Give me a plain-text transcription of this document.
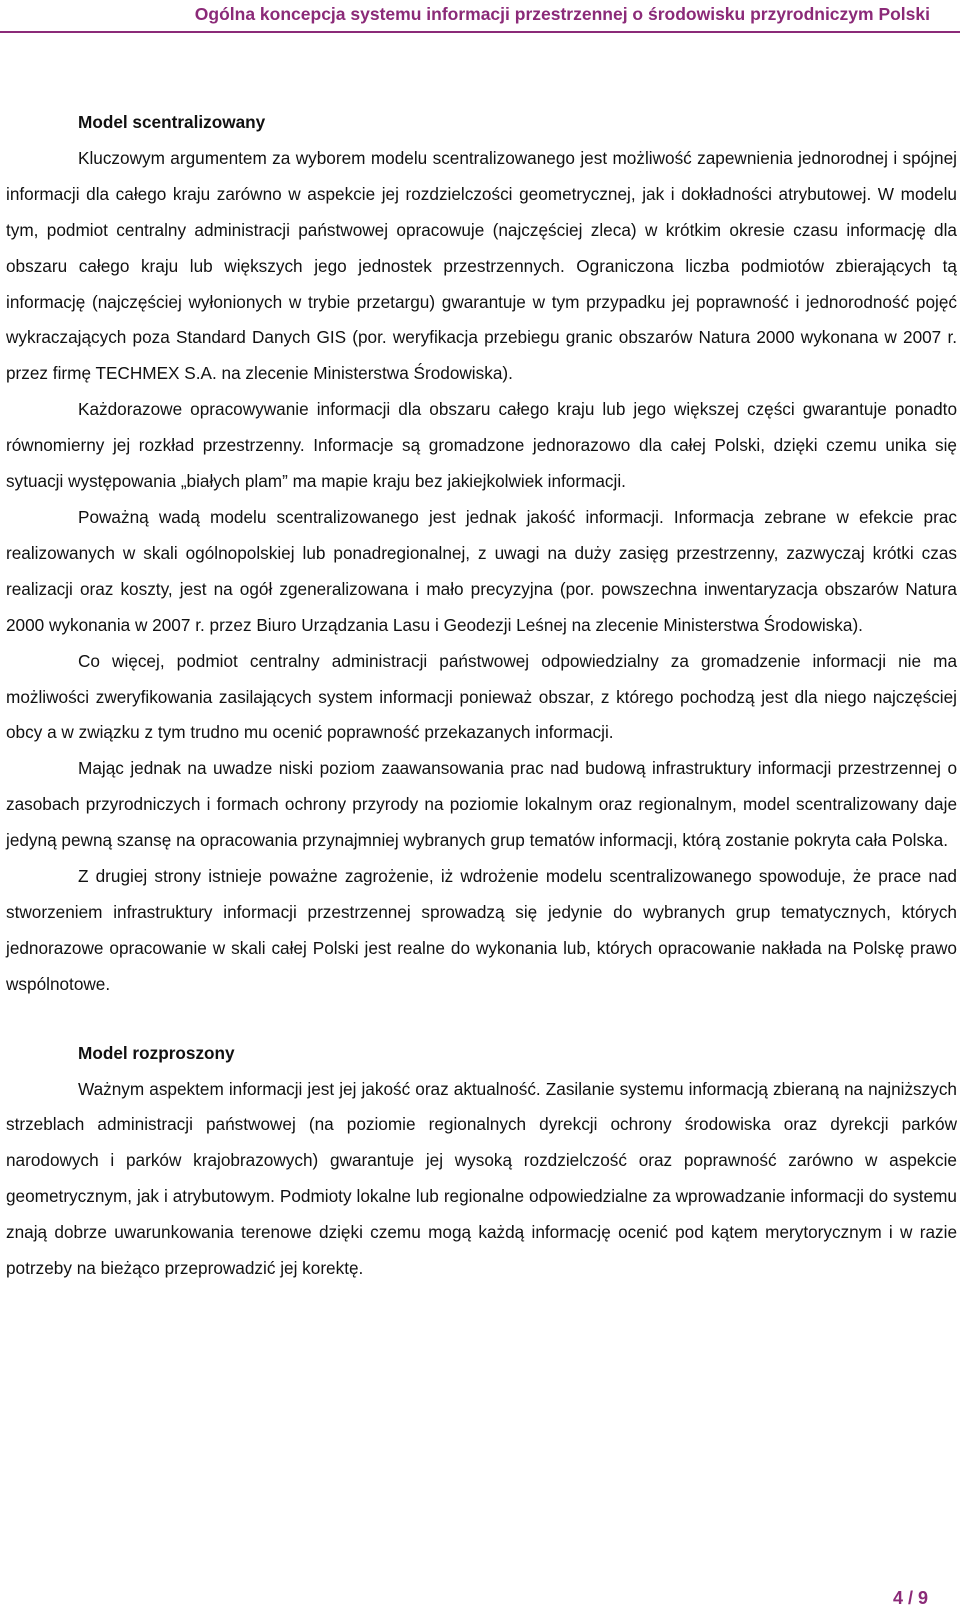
Ogólna koncepcja systemu informacji przestrzennej o środowisku przyrodniczym Polski

Model scentralizowany

Kluczowym argumentem za wyborem modelu scentralizowanego jest możliwość zapewnienia jednorodnej i spójnej informacji dla całego kraju zarówno w aspekcie jej rozdzielczości geometrycznej, jak i dokładności atrybutowej. W modelu tym, podmiot centralny administracji państwowej opracowuje (najczęściej zleca) w krótkim okresie czasu informację dla obszaru całego kraju lub większych jego jednostek przestrzennych. Ograniczona liczba podmiotów zbierających tą informację (najczęściej wyłonionych w trybie przetargu) gwarantuje w tym przypadku jej poprawność i jednorodność pojęć wykraczających poza Standard Danych GIS (por. weryfikacja przebiegu granic obszarów Natura 2000 wykonana w 2007 r. przez firmę TECHMEX S.A. na zlecenie Ministerstwa Środowiska).

Każdorazowe opracowywanie informacji dla obszaru całego kraju lub jego większej części gwarantuje ponadto równomierny jej rozkład przestrzenny. Informacje są gromadzone jednorazowo dla całej Polski, dzięki czemu unika się sytuacji występowania „białych plam” ma mapie kraju bez jakiejkolwiek informacji.

Poważną wadą modelu scentralizowanego jest jednak jakość informacji. Informacja zebrane w efekcie prac realizowanych w skali ogólnopolskiej lub ponadregionalnej, z uwagi na duży zasięg przestrzenny, zazwyczaj krótki czas realizacji oraz koszty, jest na ogół zgeneralizowana i mało precyzyjna (por. powszechna inwentaryzacja obszarów Natura 2000 wykonania w 2007 r. przez Biuro Urządzania Lasu i Geodezji Leśnej na zlecenie Ministerstwa Środowiska).

Co więcej, podmiot centralny administracji państwowej odpowiedzialny za gromadzenie informacji nie ma możliwości zweryfikowania zasilających system informacji ponieważ obszar, z którego pochodzą jest dla niego najczęściej obcy a w związku z tym trudno mu ocenić poprawność przekazanych informacji.

Mając jednak na uwadze niski poziom zaawansowania prac nad budową infrastruktury informacji przestrzennej o zasobach przyrodniczych i formach ochrony przyrody na poziomie lokalnym oraz regionalnym, model scentralizowany daje jedyną pewną szansę na opracowania przynajmniej wybranych grup tematów informacji, którą zostanie pokryta cała Polska.

Z drugiej strony istnieje poważne zagrożenie, iż wdrożenie modelu scentralizowanego spowoduje, że prace nad stworzeniem infrastruktury informacji przestrzennej sprowadzą się jedynie do wybranych grup tematycznych, których jednorazowe opracowanie w skali całej Polski jest realne do wykonania lub, których opracowanie nakłada na Polskę prawo wspólnotowe.

Model rozproszony

Ważnym aspektem informacji jest jej jakość oraz aktualność. Zasilanie systemu informacją zbieraną na najniższych strzeblach administracji państwowej (na poziomie regionalnych dyrekcji ochrony środowiska oraz dyrekcji parków narodowych i parków krajobrazowych) gwarantuje jej wysoką rozdzielczość oraz poprawność zarówno w aspekcie geometrycznym, jak i atrybutowym. Podmioty lokalne lub regionalne odpowiedzialne za wprowadzanie informacji do systemu znają dobrze uwarunkowania terenowe dzięki czemu mogą każdą informację ocenić pod kątem merytorycznym i w razie potrzeby na bieżąco przeprowadzić jej korektę.

4 / 9
